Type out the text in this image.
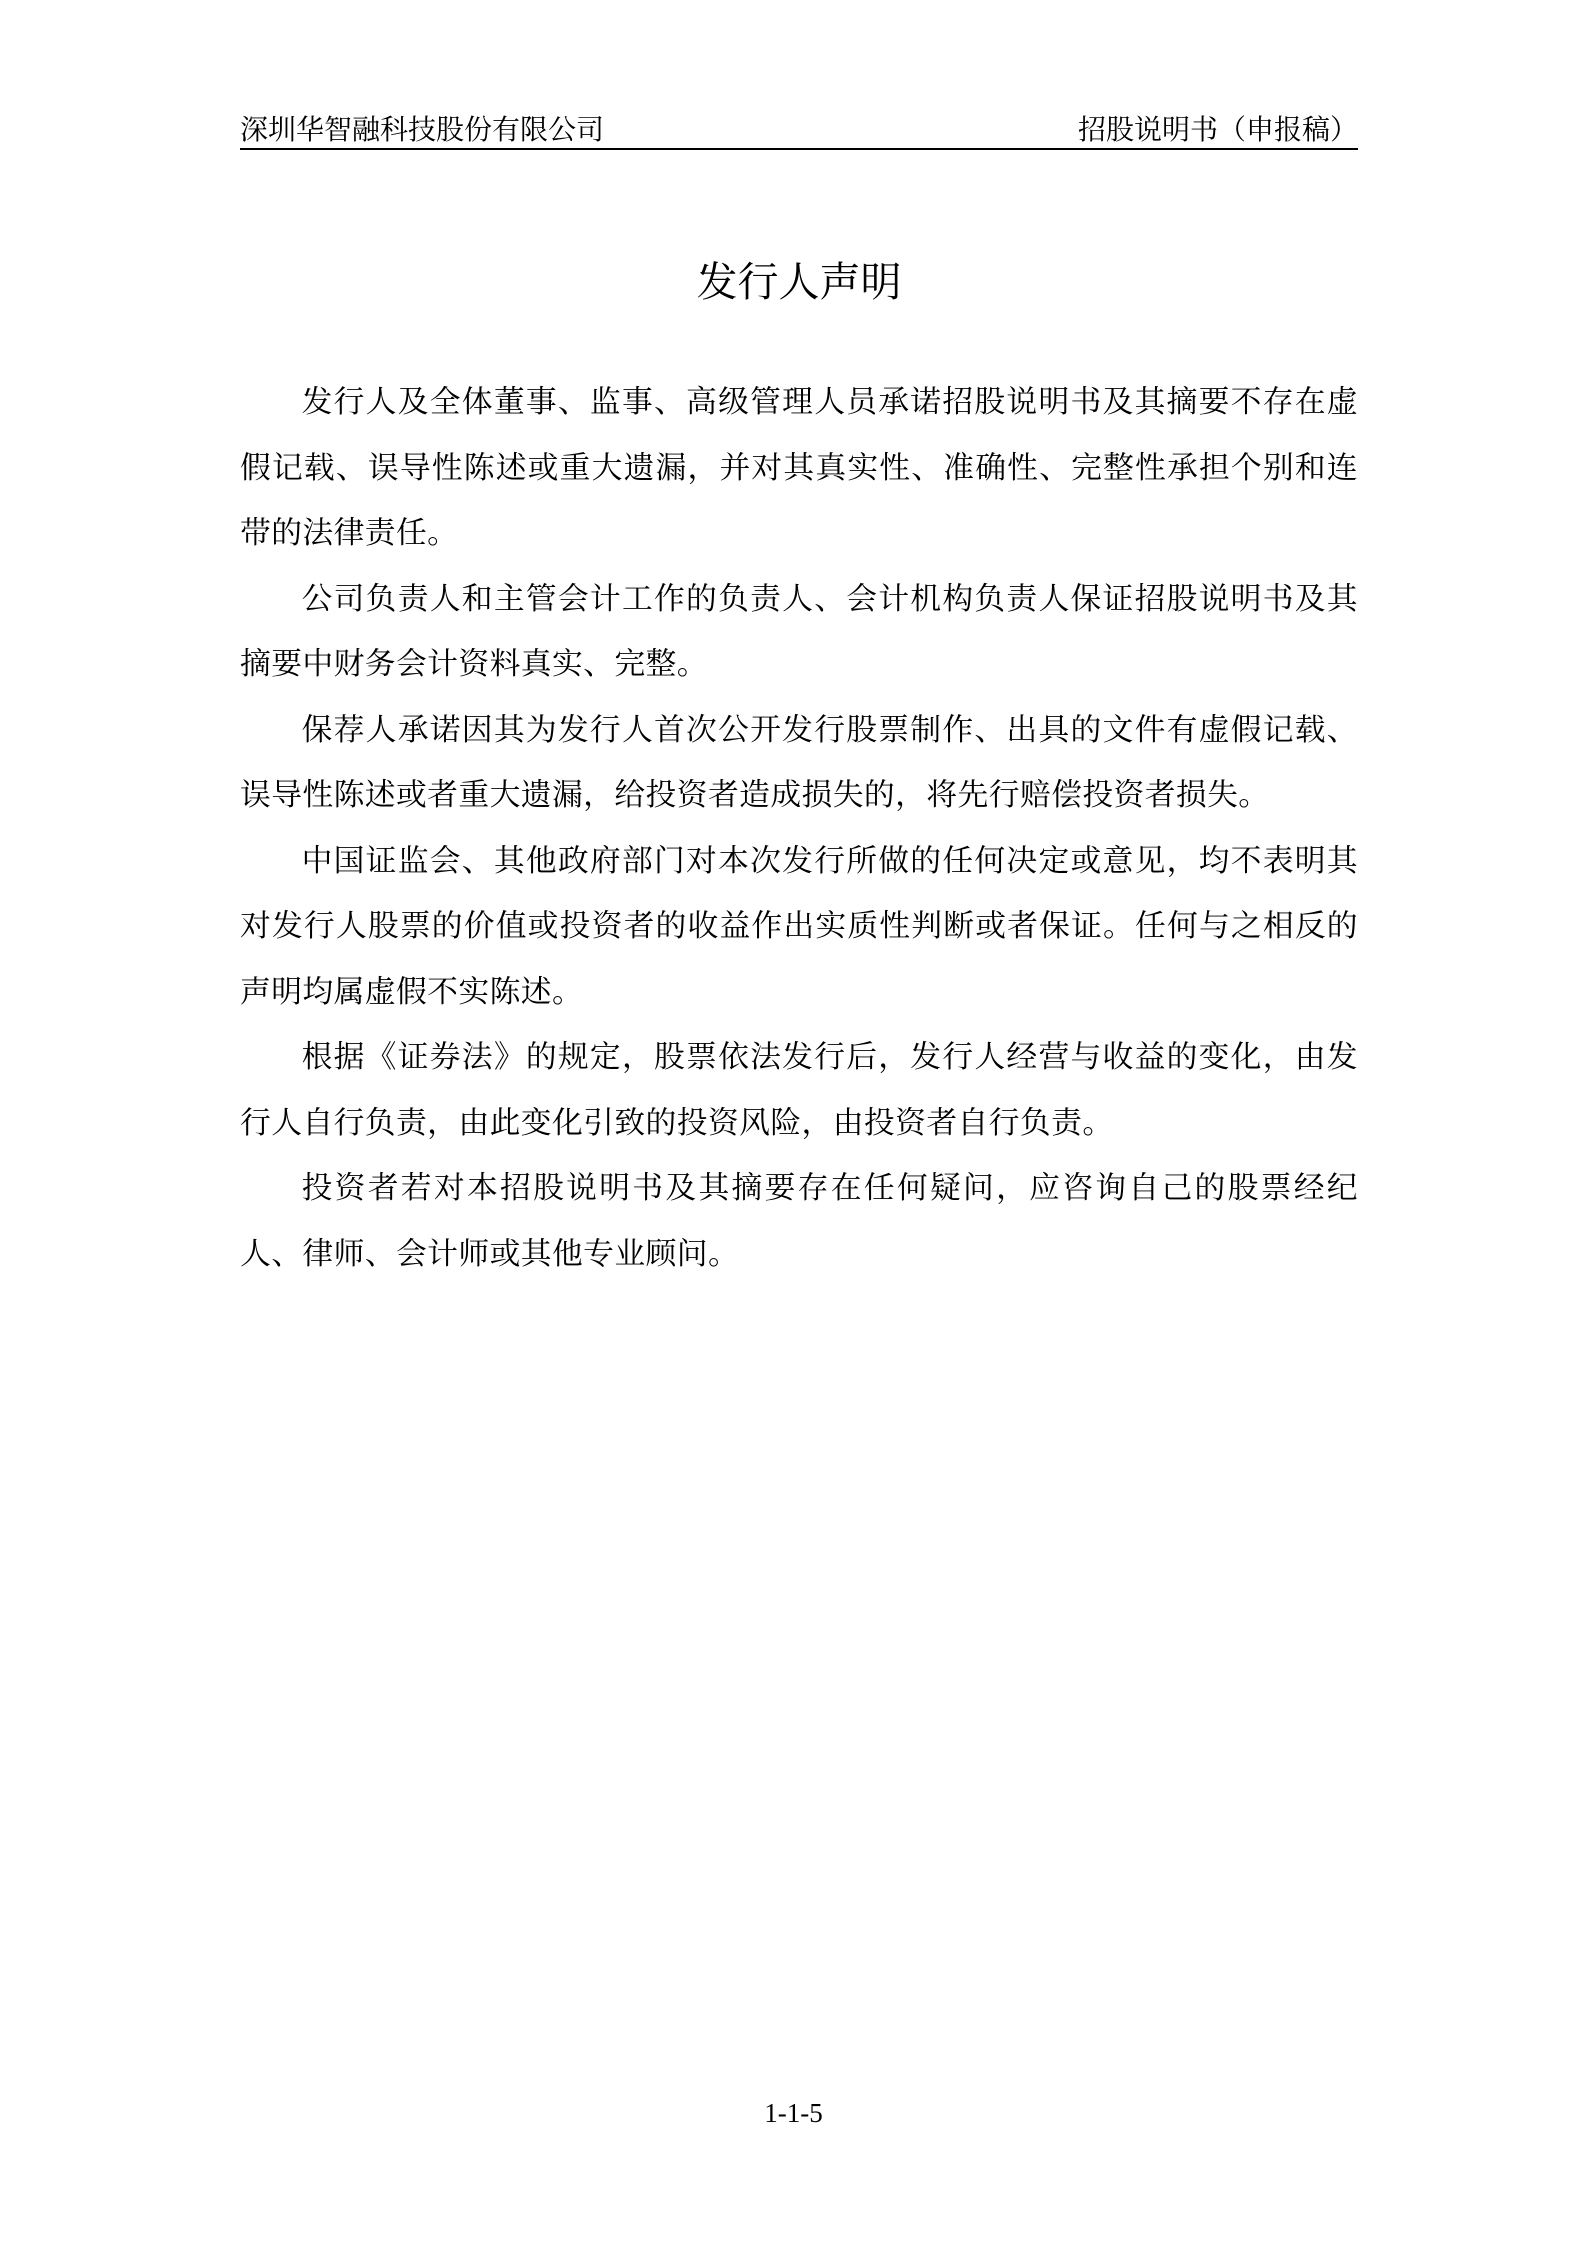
深圳华智融科技股份有限公司	招股说明书（申报稿）
发行人声明

发行人及全体董事、监事、高级管理人员承诺招股说明书及其摘要不存在虚假记载、误导性陈述或重大遗漏，并对其真实性、准确性、完整性承担个别和连带的法律责任。

公司负责人和主管会计工作的负责人、会计机构负责人保证招股说明书及其摘要中财务会计资料真实、完整。

保荐人承诺因其为发行人首次公开发行股票制作、出具的文件有虚假记载、误导性陈述或者重大遗漏，给投资者造成损失的，将先行赔偿投资者损失。

中国证监会、其他政府部门对本次发行所做的任何决定或意见，均不表明其对发行人股票的价值或投资者的收益作出实质性判断或者保证。任何与之相反的声明均属虚假不实陈述。

根据《证券法》的规定，股票依法发行后，发行人经营与收益的变化，由发行人自行负责，由此变化引致的投资风险，由投资者自行负责。

投资者若对本招股说明书及其摘要存在任何疑问，应咨询自己的股票经纪人、律师、会计师或其他专业顾问。

1-1-5
